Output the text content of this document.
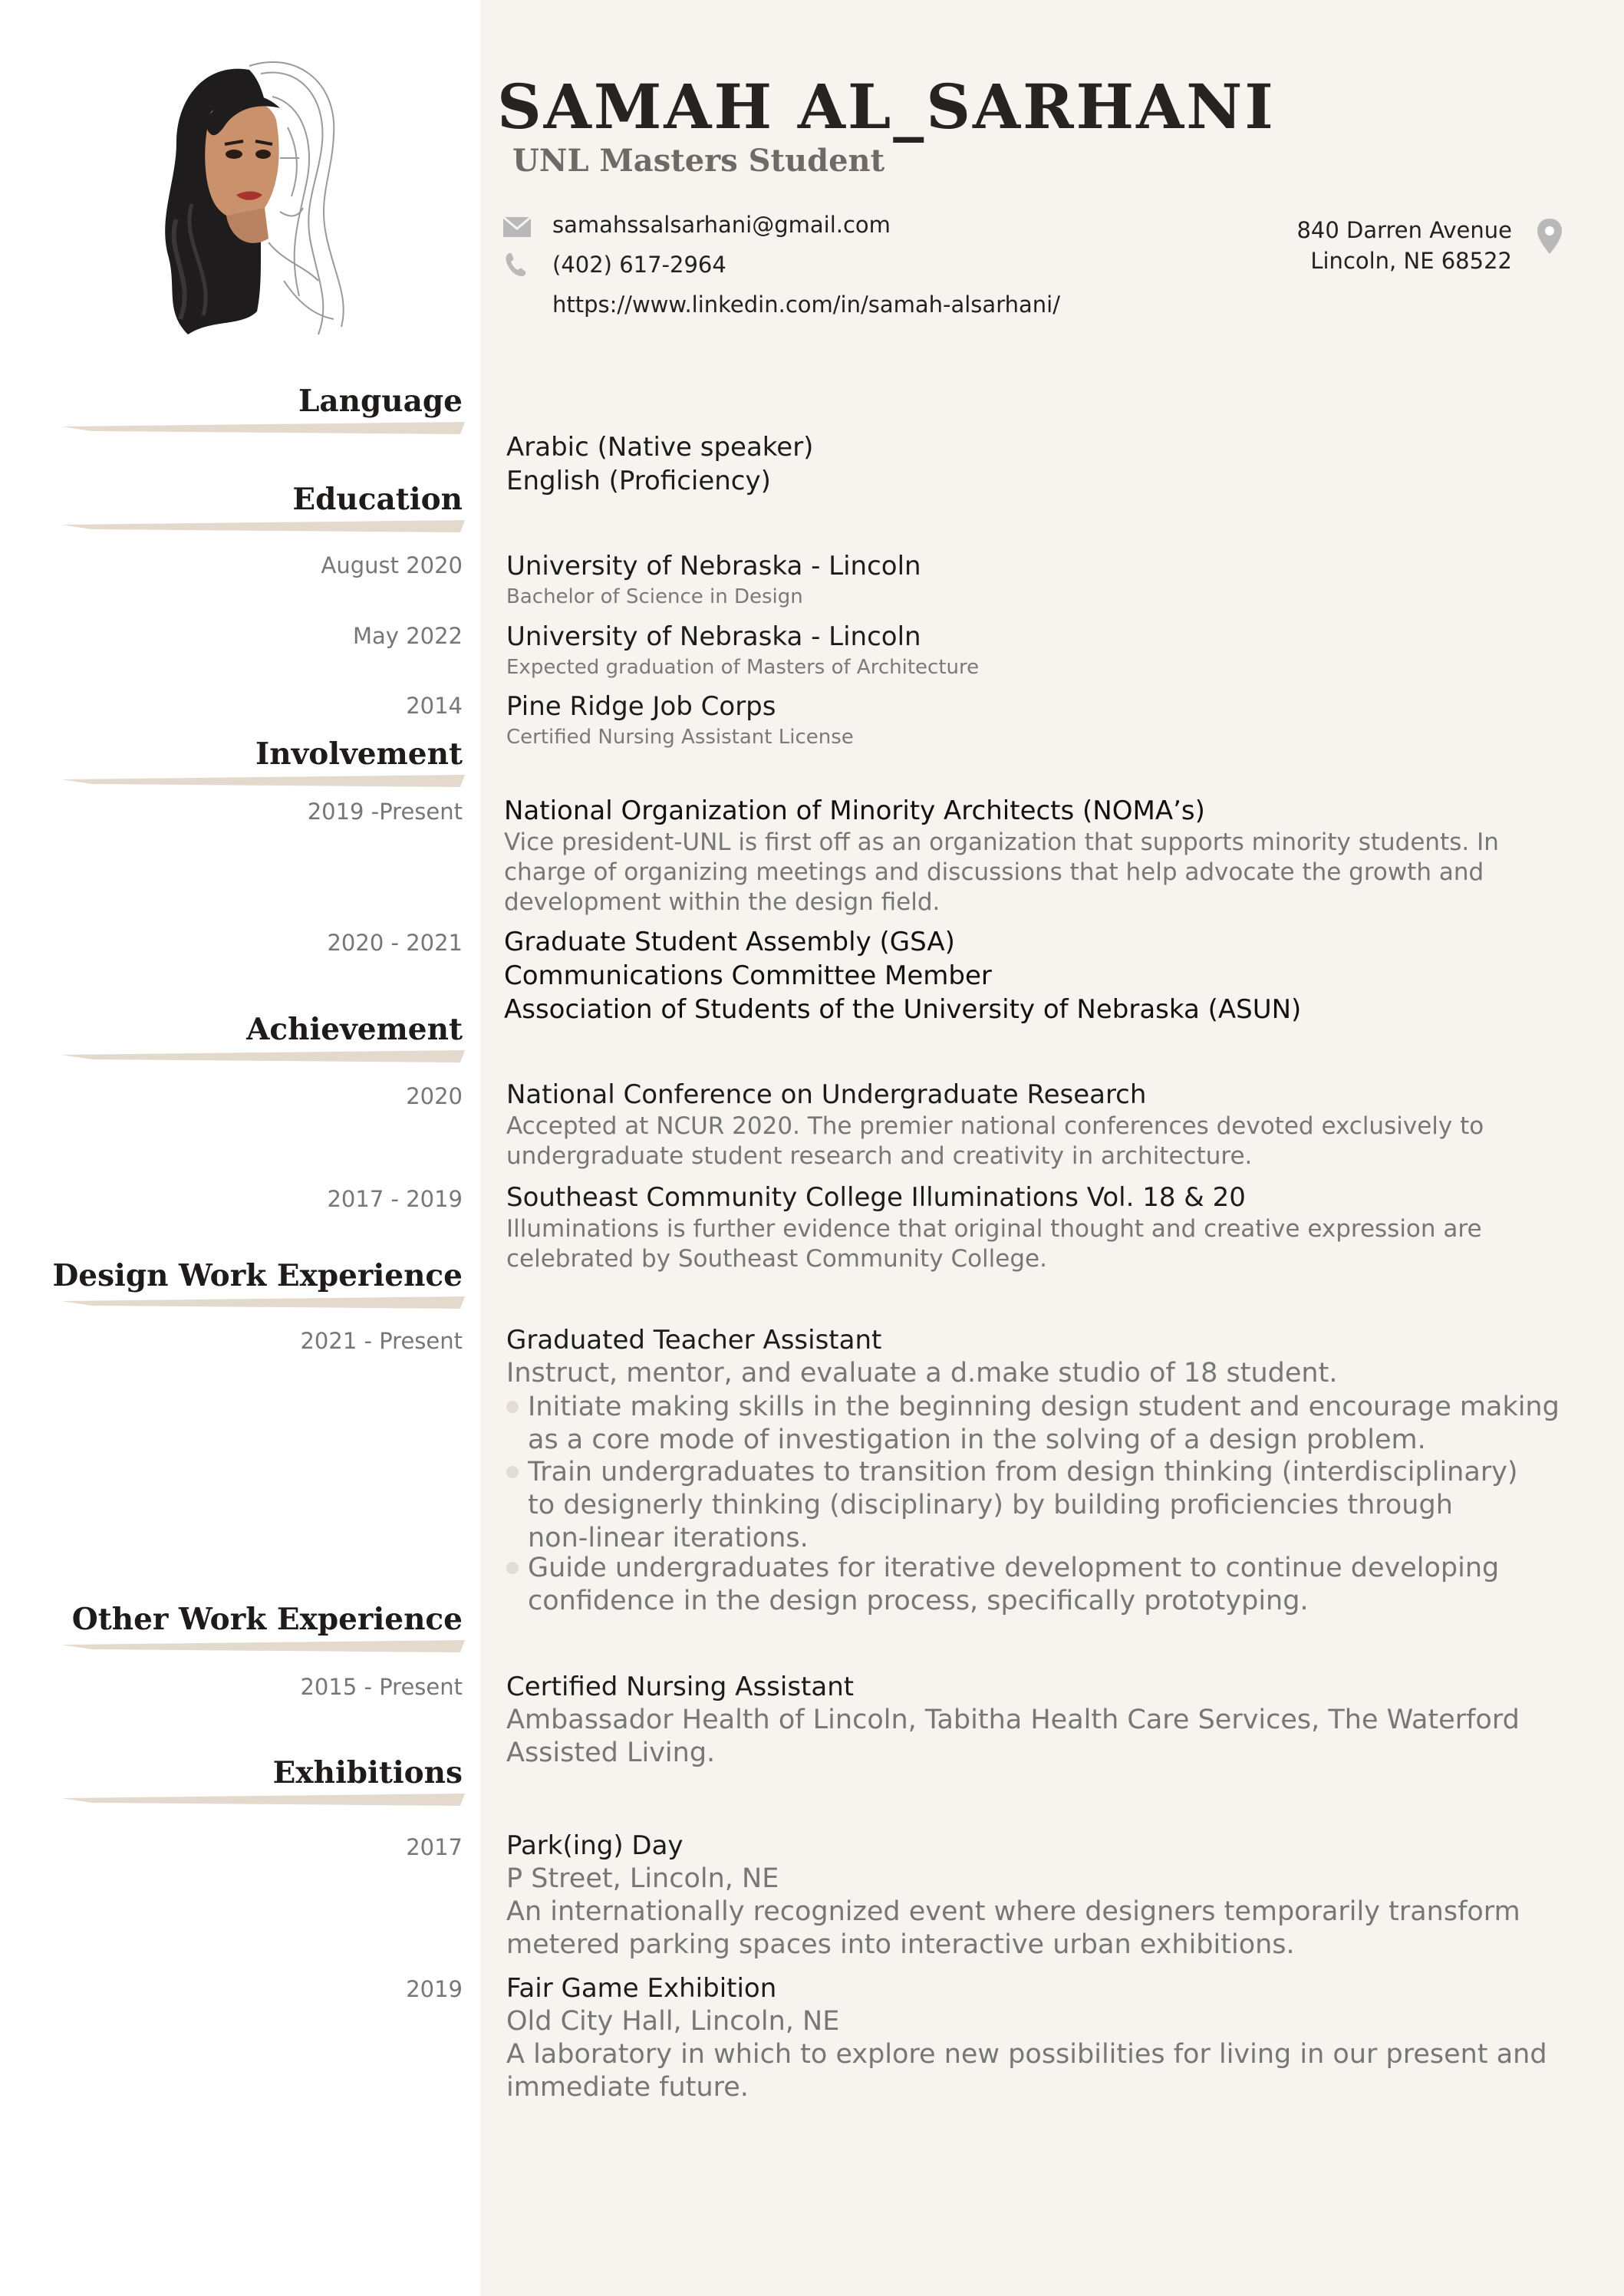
SAMAH AL_SARHANI
UNL Masters Student
samahssalsarhani@gmail.com
(402) 617-2964
https://www.linkedin.com/in/samah-alsarhani/
840 Darren Avenue
Lincoln, NE 68522
Language
Education
Involvement
Achievement
Design Work Experience
Other Work Experience
Exhibitions
Arabic (Native speaker)
English (Proficiency)
August 2020 University of Nebraska - Lincoln
Bachelor of Science in Design
May 2022 University of Nebraska - Lincoln
Expected graduation of Masters of Architecture
2014 Pine Ridge Job Corps
Certified Nursing Assistant License
2019 -Present National Organization of Minority Architects (NOMA’s)
Vice president-UNL is first off as an organization that supports minority students. In
charge of organizing meetings and discussions that help advocate the growth and
development within the design field.
2020 - 2021 Graduate Student Assembly (GSA)
Communications Committee Member
Association of Students of the University of Nebraska (ASUN)
2020 National Conference on Undergraduate Research
Accepted at NCUR 2020. The premier national conferences devoted exclusively to
undergraduate student research and creativity in architecture.
2017 - 2019 Southeast Community College Illuminations Vol. 18 & 20
Illuminations is further evidence that original thought and creative expression are
celebrated by Southeast Community College.
2021 - Present Graduated Teacher Assistant
Instruct, mentor, and evaluate a d.make studio of 18 student.
Initiate making skills in the beginning design student and encourage making
as a core mode of investigation in the solving of a design problem.
Train undergraduates to transition from design thinking (interdisciplinary)
to designerly thinking (disciplinary) by building proficiencies through
non-linear iterations.
Guide undergraduates for iterative development to continue developing
confidence in the design process, specifically prototyping.
2015 - Present Certified Nursing Assistant
Ambassador Health of Lincoln, Tabitha Health Care Services, The Waterford
Assisted Living.
2017 Park(ing) Day
P Street, Lincoln, NE
An internationally recognized event where designers temporarily transform
metered parking spaces into interactive urban exhibitions.
2019 Fair Game Exhibition
Old City Hall, Lincoln, NE
A laboratory in which to explore new possibilities for living in our present and
immediate future.
